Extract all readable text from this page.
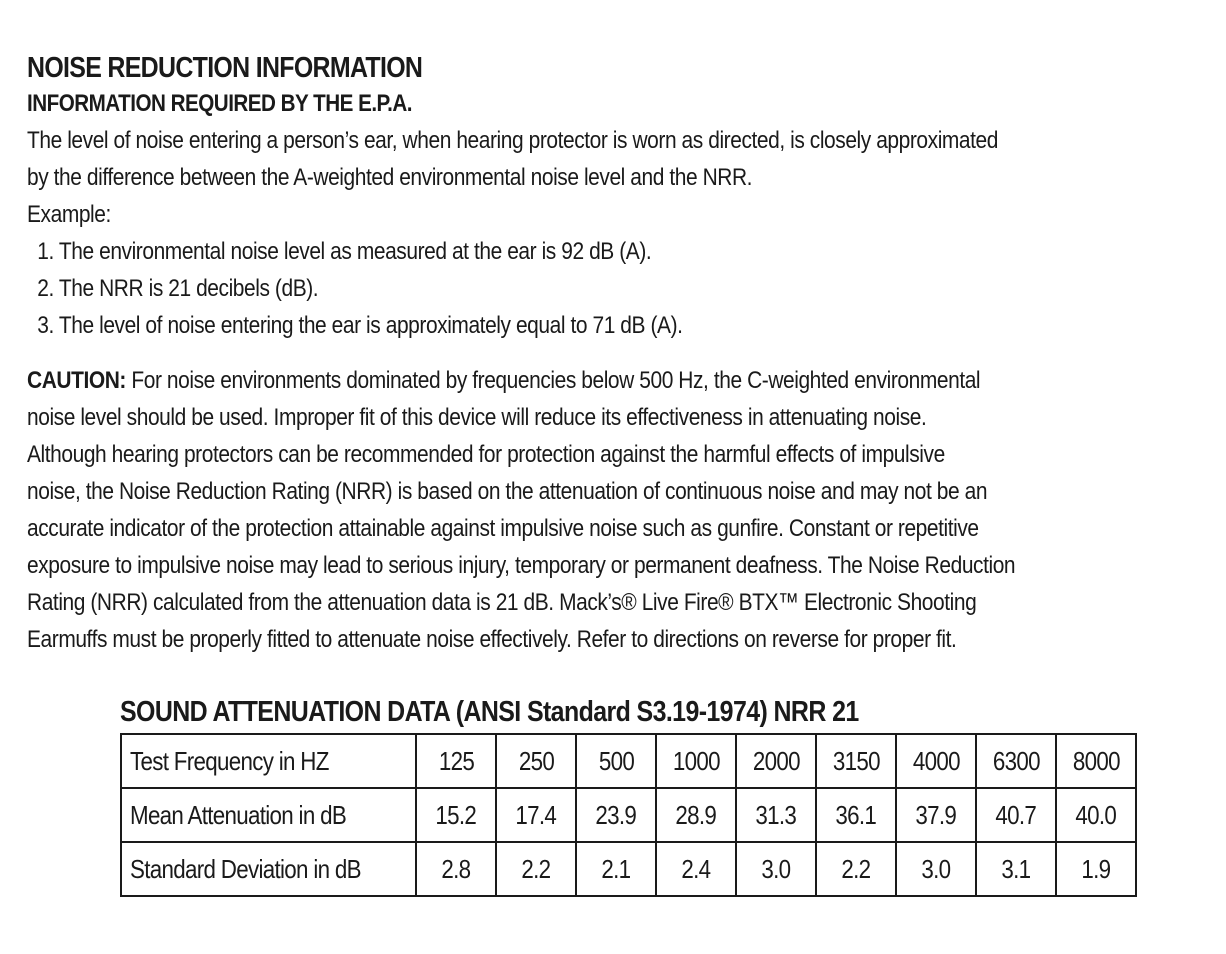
NOISE REDUCTION INFORMATION
INFORMATION REQUIRED BY THE E.P.A.
The level of noise entering a person’s ear, when hearing protector is worn as directed, is closely approximated
by the difference between the A-weighted environmental noise level and the NRR.
Example:
1. The environmental noise level as measured at the ear is 92 dB (A).
2. The NRR is 21 decibels (dB).
3. The level of noise entering the ear is approximately equal to 71 dB (A).
CAUTION: For noise environments dominated by frequencies below 500 Hz, the C-weighted environmental
noise level should be used. Improper fit of this device will reduce its effectiveness in attenuating noise.
Although hearing protectors can be recommended for protection against the harmful effects of impulsive
noise, the Noise Reduction Rating (NRR) is based on the attenuation of continuous noise and may not be an
accurate indicator of the protection attainable against impulsive noise such as gunfire. Constant or repetitive
exposure to impulsive noise may lead to serious injury, temporary or permanent deafness. The Noise Reduction
Rating (NRR) calculated from the attenuation data is 21 dB. Mack’s® Live Fire® BTX™ Electronic Shooting
Earmuffs must be properly fitted to attenuate noise effectively. Refer to directions on reverse for proper fit.
SOUND ATTENUATION DATA (ANSI Standard S3.19-1974) NRR 21
Test Frequency in HZ	125	250	500	1000	2000	3150	4000	6300	8000
Mean Attenuation in dB	15.2	17.4	23.9	28.9	31.3	36.1	37.9	40.7	40.0
Standard Deviation in dB	2.8	2.2	2.1	2.4	3.0	2.2	3.0	3.1	1.9
